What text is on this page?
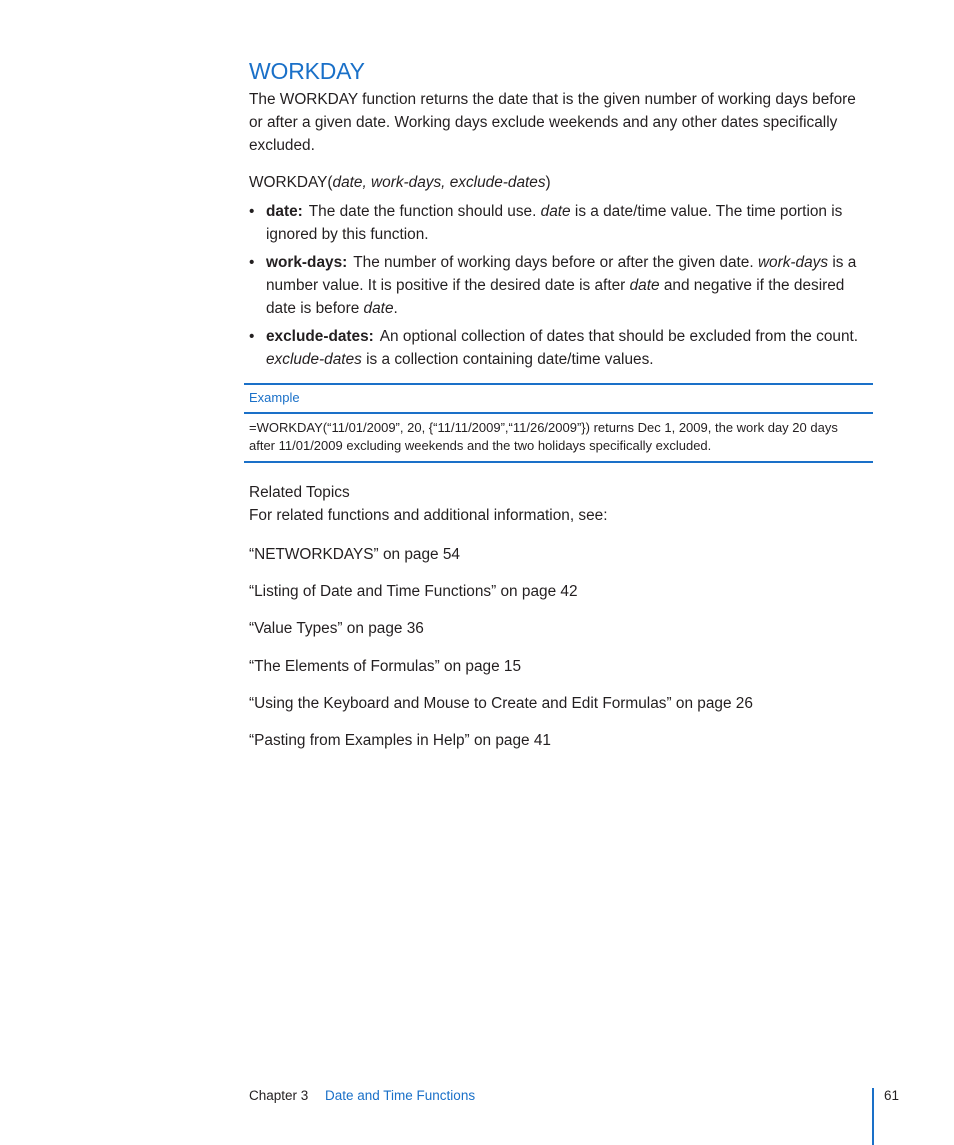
WORKDAY

The WORKDAY function returns the date that is the given number of working days before or after a given date. Working days exclude weekends and any other dates specifically excluded.

WORKDAY(date, work-days, exclude-dates)

• date: The date the function should use. date is a date/time value. The time portion is ignored by this function.
• work-days: The number of working days before or after the given date. work-days is a number value. It is positive if the desired date is after date and negative if the desired date is before date.
• exclude-dates: An optional collection of dates that should be excluded from the count. exclude-dates is a collection containing date/time values.
Example
=WORKDAY(“11/01/2009”, 20, {“11/11/2009”,“11/26/2009”}) returns Dec 1, 2009, the work day 20 days after 11/01/2009 excluding weekends and the two holidays specifically excluded.
Related Topics

For related functions and additional information, see:

“NETWORKDAYS” on page 54
“Listing of Date and Time Functions” on page 42
“Value Types” on page 36
“The Elements of Formulas” on page 15
“Using the Keyboard and Mouse to Create and Edit Formulas” on page 26
“Pasting from Examples in Help” on page 41
Chapter 3 Date and Time Functions	61
